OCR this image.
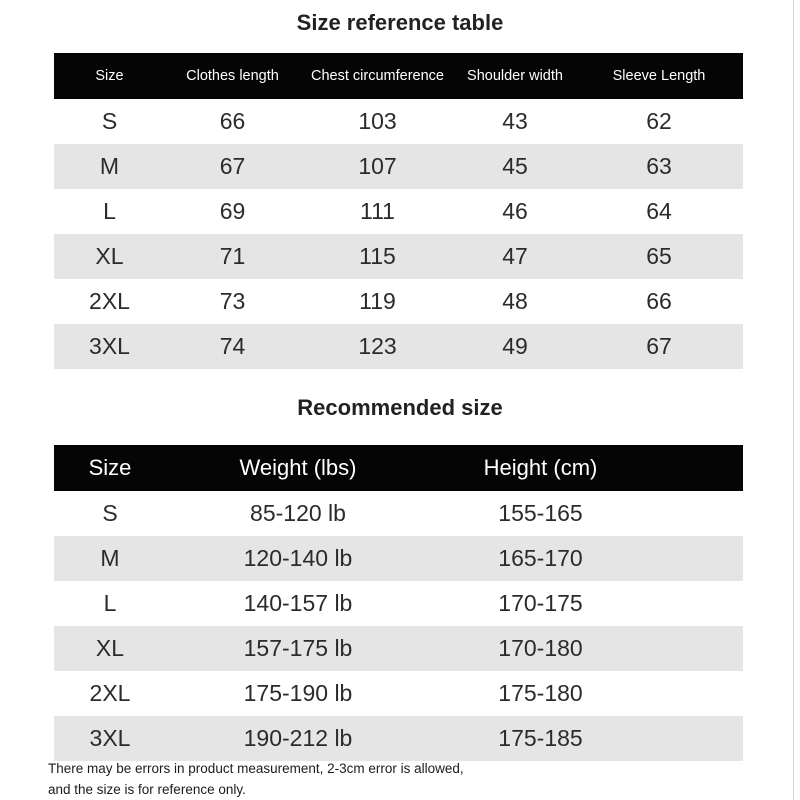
Size reference table
Size	Clothes length	Chest circumference	Shoulder width	Sleeve Length
S	66	103	43	62
M	67	107	45	63
L	69	111	46	64
XL	71	115	47	65
2XL	73	119	48	66
3XL	74	123	49	67
Recommended size
Size	Weight (lbs)	Height (cm)
S	85-120 lb	155-165
M	120-140 lb	165-170
L	140-157 lb	170-175
XL	157-175 lb	170-180
2XL	175-190 lb	175-180
3XL	190-212 lb	175-185
There may be errors in product measurement, 2-3cm error is allowed,
and the size is for reference only.
